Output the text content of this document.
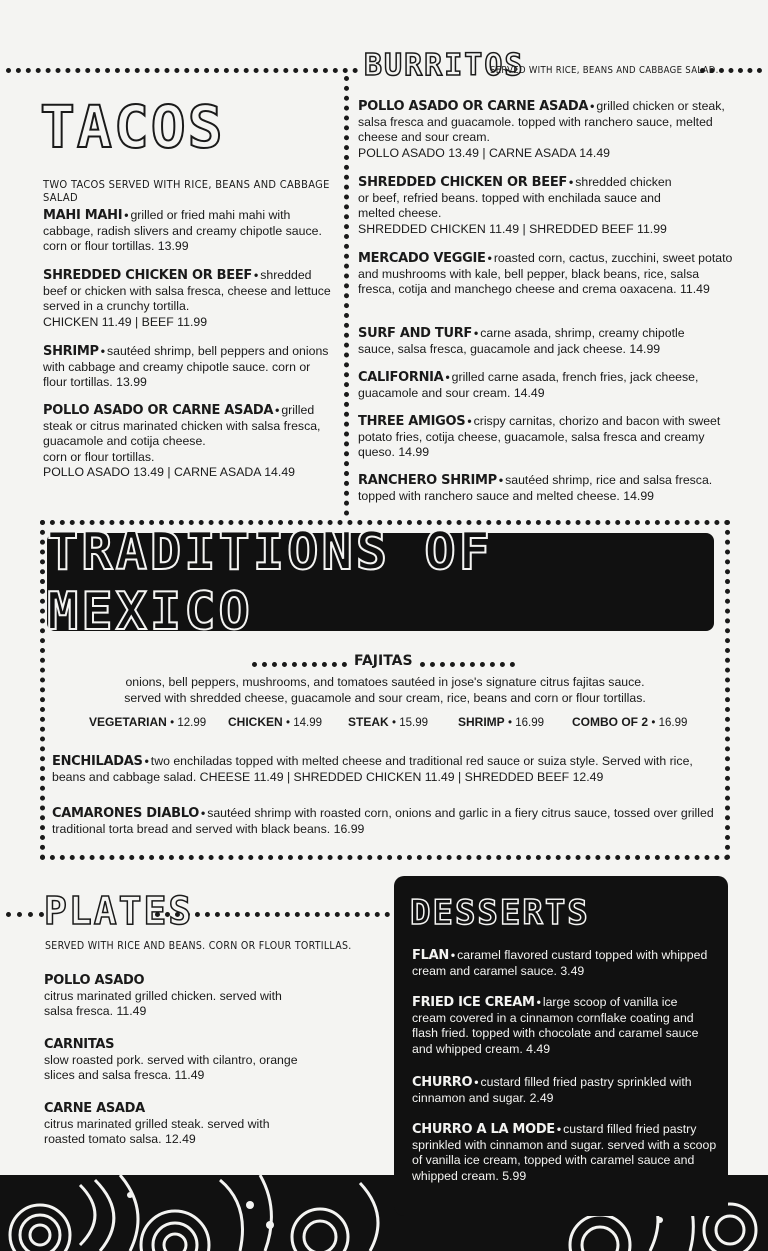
TACOS
TWO TACOS SERVED WITH RICE, BEANS AND CABBAGE SALAD
MAHI MAHI • grilled or fried mahi mahi with cabbage, radish slivers and creamy chipotle sauce. corn or flour tortillas. 13.99
SHREDDED CHICKEN OR BEEF • shredded beef or chicken with salsa fresca, cheese and lettuce served in a crunchy tortilla.
CHICKEN 11.49 | BEEF 11.99
SHRIMP • sautéed shrimp, bell peppers and onions with cabbage and creamy chipotle sauce. corn or flour tortillas. 13.99
POLLO ASADO OR CARNE ASADA • grilled steak or citrus marinated chicken with salsa fresca, guacamole and cotija cheese.
corn or flour tortillas.
POLLO ASADO 13.49 | CARNE ASADA 14.49
BURRITOS
SERVED WITH RICE, BEANS AND CABBAGE SALAD.
POLLO ASADO OR CARNE ASADA • grilled chicken or steak, salsa fresca and guacamole. topped with ranchero sauce, melted cheese and sour cream.
POLLO ASADO 13.49 | CARNE ASADA 14.49
SHREDDED CHICKEN OR BEEF • shredded chicken or beef, refried beans. topped with enchilada sauce and melted cheese.
SHREDDED CHICKEN 11.49 | SHREDDED BEEF 11.99
MERCADO VEGGIE • roasted corn, cactus, zucchini, sweet potato and mushrooms with kale, bell pepper, black beans, rice, salsa fresca, cotija and manchego cheese and crema oaxacena. 11.49
SURF AND TURF • carne asada, shrimp, creamy chipotle sauce, salsa fresca, guacamole and jack cheese. 14.99
CALIFORNIA • grilled carne asada, french fries, jack cheese, guacamole and sour cream. 14.49
THREE AMIGOS • crispy carnitas, chorizo and bacon with sweet potato fries, cotija cheese, guacamole, salsa fresca and creamy queso. 14.99
RANCHERO SHRIMP • sautéed shrimp, rice and salsa fresca. topped with ranchero sauce and melted cheese. 14.99
TRADITIONS OF MEXICO
FAJITAS
onions, bell peppers, mushrooms, and tomatoes sautéed in jose's signature citrus fajitas sauce.
served with shredded cheese, guacamole and sour cream, rice, beans and corn or flour tortillas.
VEGETARIAN • 12.99 CHICKEN • 14.99 STEAK • 15.99 SHRIMP • 16.99 COMBO OF 2 • 16.99
ENCHILADAS • two enchiladas topped with melted cheese and traditional red sauce or suiza style. Served with rice, beans and cabbage salad. CHEESE 11.49 | SHREDDED CHICKEN 11.49 | SHREDDED BEEF 12.49
CAMARONES DIABLO • sautéed shrimp with roasted corn, onions and garlic in a fiery citrus sauce, tossed over grilled traditional torta bread and served with black beans. 16.99
PLATES
SERVED WITH RICE AND BEANS. CORN OR FLOUR TORTILLAS.
POLLO ASADO
citrus marinated grilled chicken. served with salsa fresca. 11.49
CARNITAS
slow roasted pork. served with cilantro, orange slices and salsa fresca. 11.49
CARNE ASADA
citrus marinated grilled steak. served with roasted tomato salsa. 12.49
DESSERTS
FLAN • caramel flavored custard topped with whipped cream and caramel sauce. 3.49
FRIED ICE CREAM • large scoop of vanilla ice cream covered in a cinnamon cornflake coating and flash fried. topped with chocolate and caramel sauce and whipped cream. 4.49
CHURRO • custard filled fried pastry sprinkled with cinnamon and sugar. 2.49
CHURRO A LA MODE • custard filled fried pastry sprinkled with cinnamon and sugar. served with a scoop of vanilla ice cream, topped with caramel sauce and whipped cream. 5.99
